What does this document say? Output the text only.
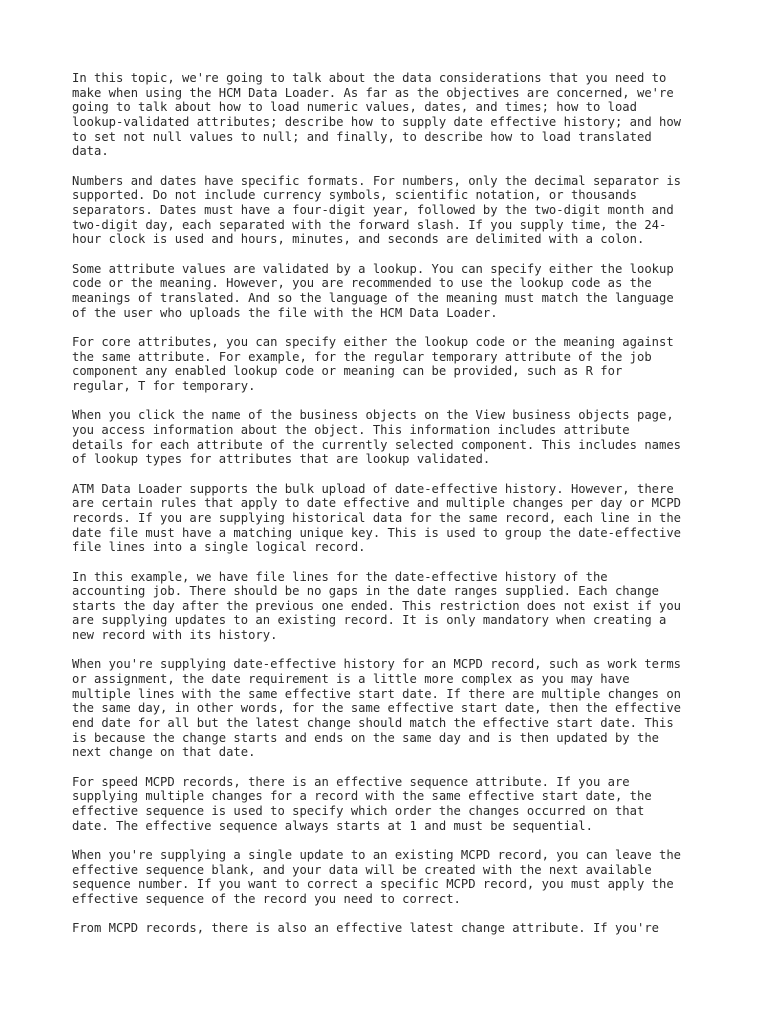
In this topic, we're going to talk about the data considerations that you need to
make when using the HCM Data Loader. As far as the objectives are concerned, we're
going to talk about how to load numeric values, dates, and times; how to load
lookup-validated attributes; describe how to supply date effective history; and how
to set not null values to null; and finally, to describe how to load translated
data.

Numbers and dates have specific formats. For numbers, only the decimal separator is
supported. Do not include currency symbols, scientific notation, or thousands
separators. Dates must have a four-digit year, followed by the two-digit month and
two-digit day, each separated with the forward slash. If you supply time, the 24-
hour clock is used and hours, minutes, and seconds are delimited with a colon.

Some attribute values are validated by a lookup. You can specify either the lookup
code or the meaning. However, you are recommended to use the lookup code as the
meanings of translated. And so the language of the meaning must match the language
of the user who uploads the file with the HCM Data Loader.

For core attributes, you can specify either the lookup code or the meaning against
the same attribute. For example, for the regular temporary attribute of the job
component any enabled lookup code or meaning can be provided, such as R for
regular, T for temporary.

When you click the name of the business objects on the View business objects page,
you access information about the object. This information includes attribute
details for each attribute of the currently selected component. This includes names
of lookup types for attributes that are lookup validated.

ATM Data Loader supports the bulk upload of date-effective history. However, there
are certain rules that apply to date effective and multiple changes per day or MCPD
records. If you are supplying historical data for the same record, each line in the
date file must have a matching unique key. This is used to group the date-effective
file lines into a single logical record.

In this example, we have file lines for the date-effective history of the
accounting job. There should be no gaps in the date ranges supplied. Each change
starts the day after the previous one ended. This restriction does not exist if you
are supplying updates to an existing record. It is only mandatory when creating a
new record with its history.

When you're supplying date-effective history for an MCPD record, such as work terms
or assignment, the date requirement is a little more complex as you may have
multiple lines with the same effective start date. If there are multiple changes on
the same day, in other words, for the same effective start date, then the effective
end date for all but the latest change should match the effective start date. This
is because the change starts and ends on the same day and is then updated by the
next change on that date.

For speed MCPD records, there is an effective sequence attribute. If you are
supplying multiple changes for a record with the same effective start date, the
effective sequence is used to specify which order the changes occurred on that
date. The effective sequence always starts at 1 and must be sequential.

When you're supplying a single update to an existing MCPD record, you can leave the
effective sequence blank, and your data will be created with the next available
sequence number. If you want to correct a specific MCPD record, you must apply the
effective sequence of the record you need to correct.

From MCPD records, there is also an effective latest change attribute. If you're
